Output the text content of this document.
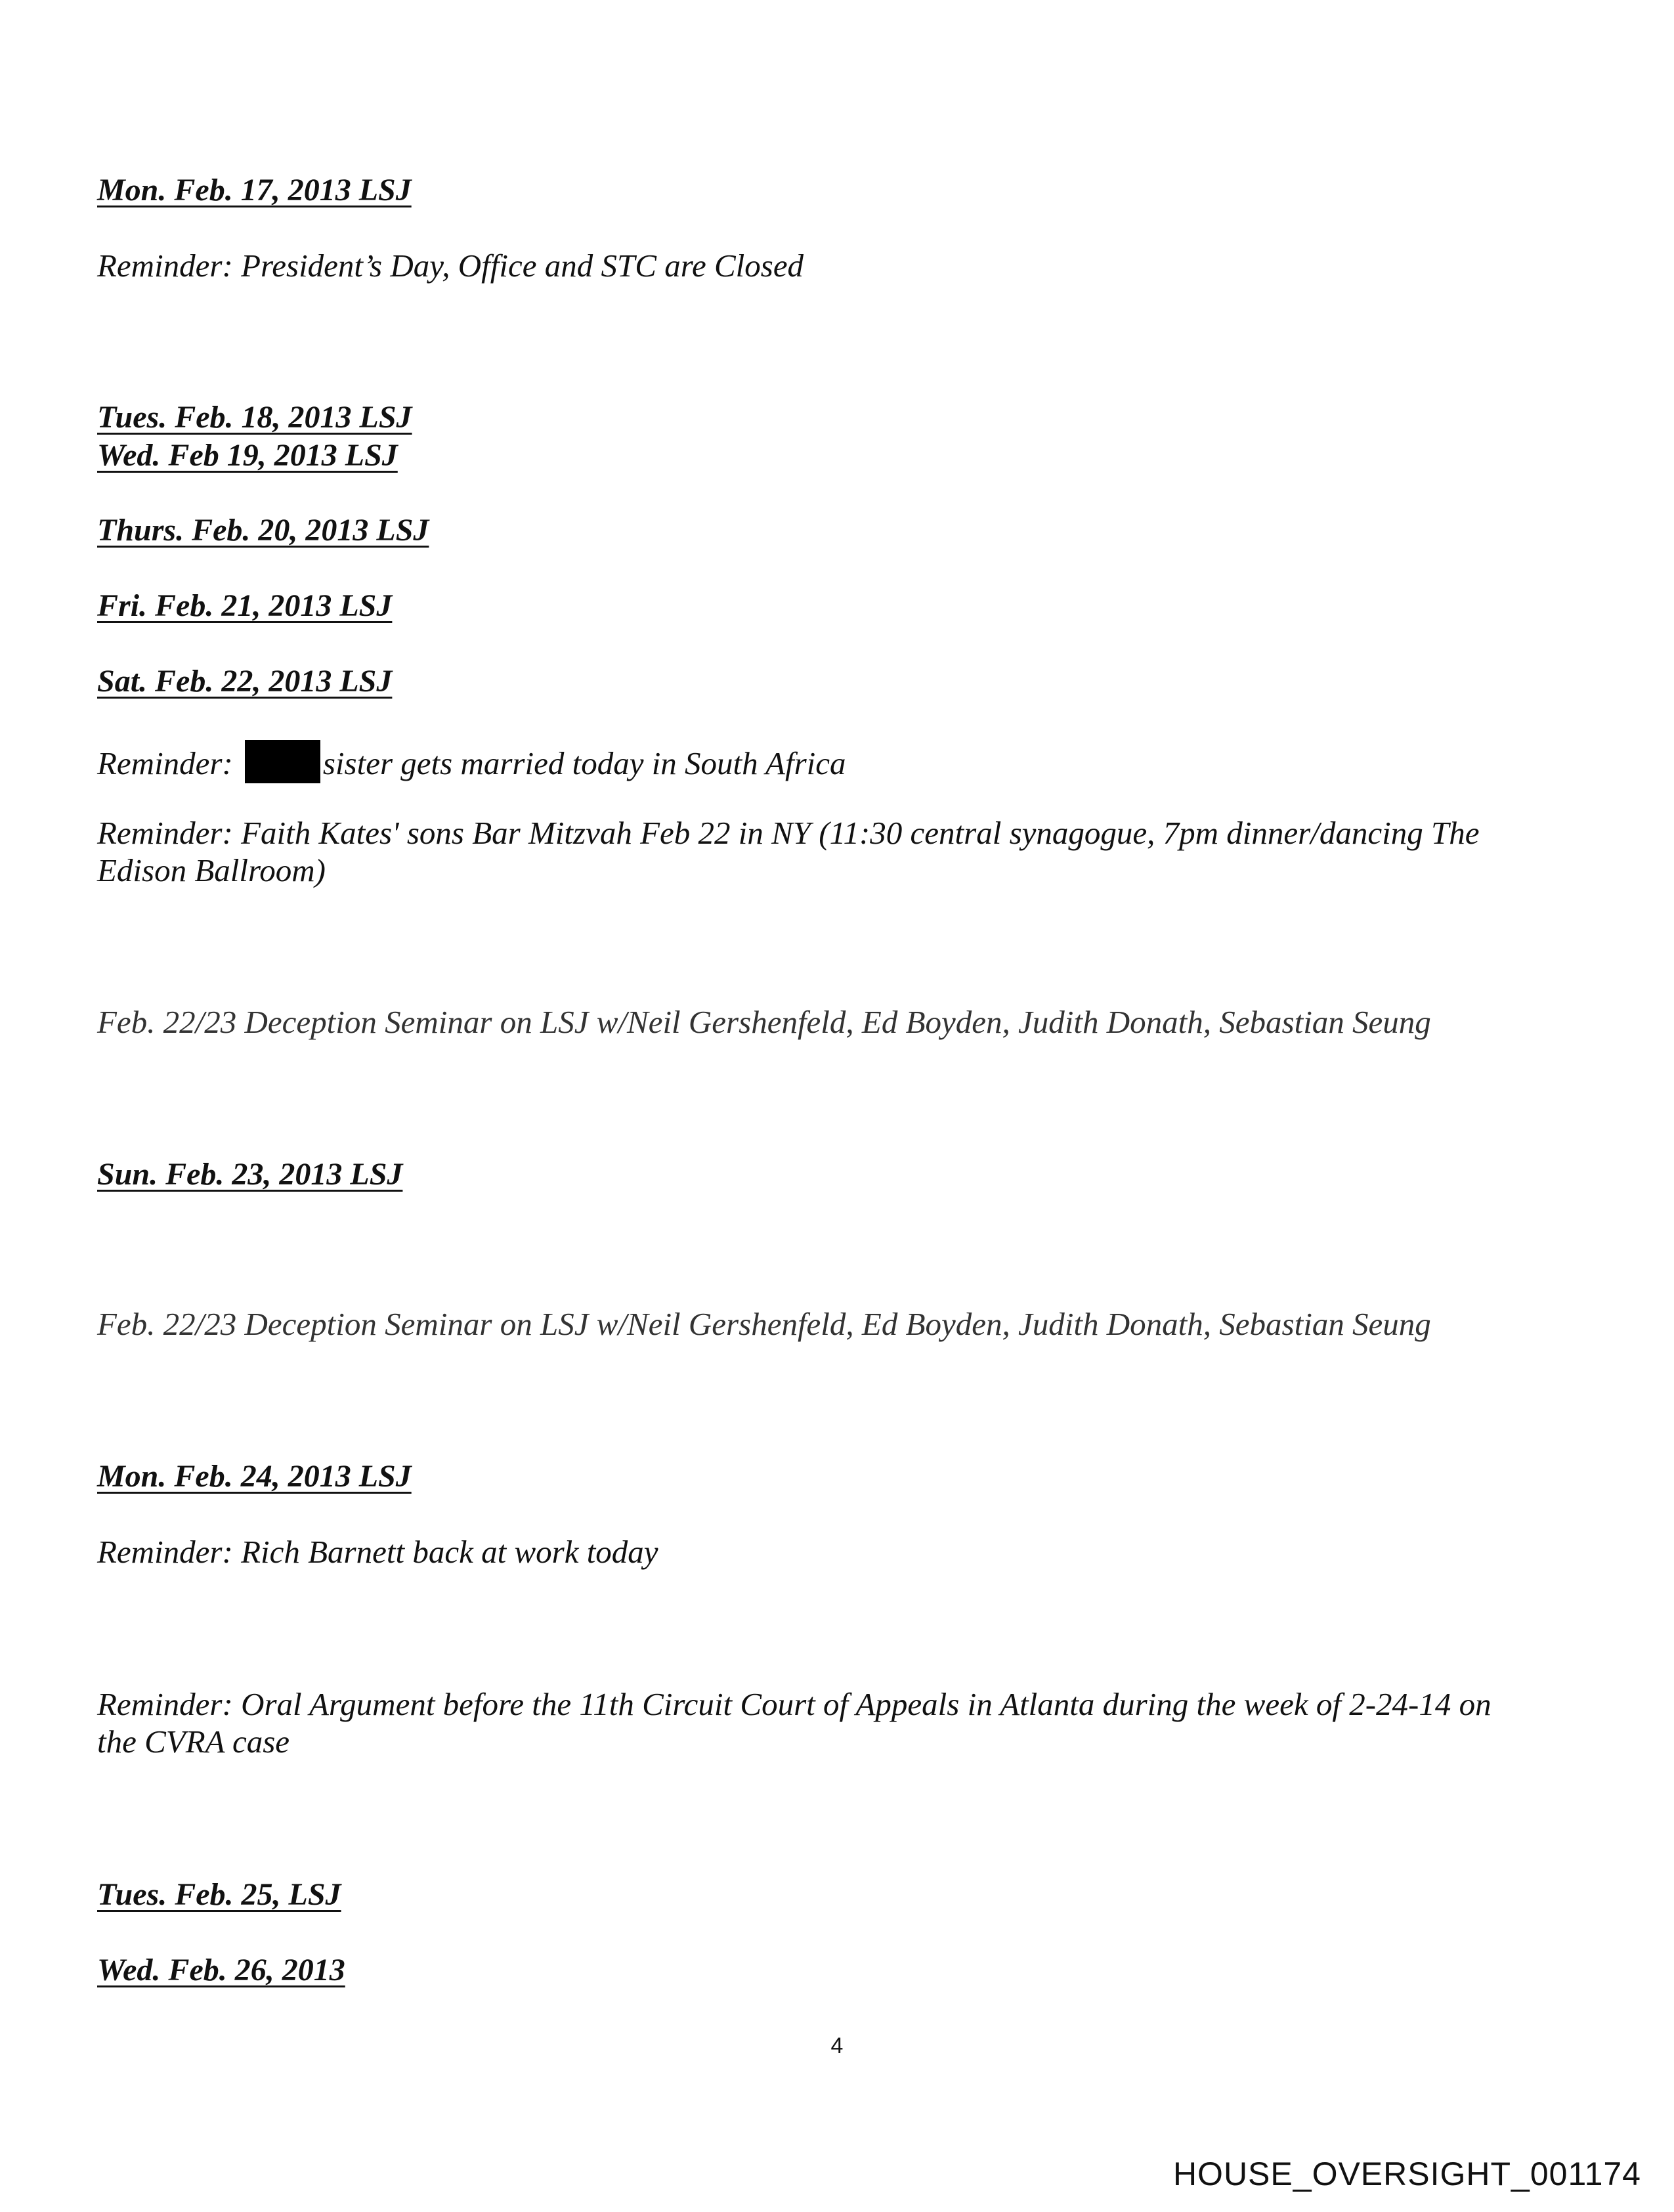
Mon. Feb. 17, 2013 LSJ
Reminder: President’s Day, Office and STC are Closed
Tues. Feb. 18, 2013 LSJ
Wed. Feb 19, 2013 LSJ
Thurs. Feb. 20, 2013 LSJ
Fri. Feb. 21, 2013 LSJ
Sat. Feb. 22, 2013 LSJ
Reminder:	sister gets married today in South Africa
Reminder: Faith Kates' sons Bar Mitzvah Feb 22 in NY (11:30 central synagogue, 7pm dinner/dancing The Edison Ballroom)
Feb. 22/23 Deception Seminar on LSJ w/Neil Gershenfeld, Ed Boyden, Judith Donath, Sebastian Seung
Sun. Feb. 23, 2013 LSJ
Feb. 22/23 Deception Seminar on LSJ w/Neil Gershenfeld, Ed Boyden, Judith Donath, Sebastian Seung
Mon. Feb. 24, 2013 LSJ
Reminder: Rich Barnett back at work today
Reminder: Oral Argument before the 11th Circuit Court of Appeals in Atlanta during the week of 2-24-14 on the CVRA case
Tues. Feb. 25, LSJ
Wed. Feb. 26, 2013
4
HOUSE_OVERSIGHT_001174
